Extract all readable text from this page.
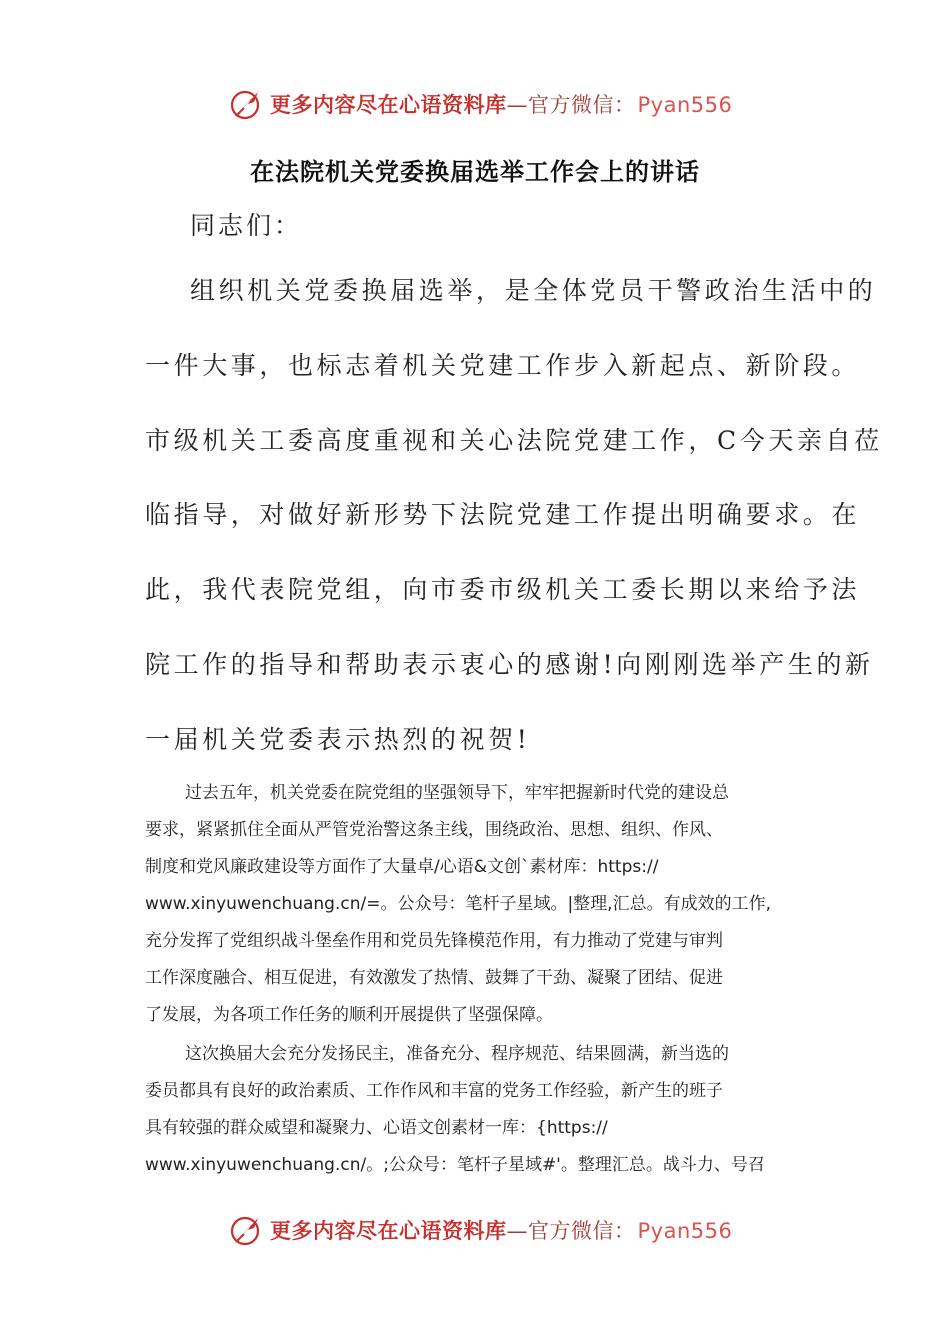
更多内容尽在心语资料库—官方微信：Pyan556
在法院机关党委换届选举工作会上的讲话
同志们：
组织机关党委换届选举，是全体党员干警政治生活中的
一件大事，也标志着机关党建工作步入新起点、新阶段。
市级机关工委高度重视和关心法院党建工作，C今天亲自莅
临指导，对做好新形势下法院党建工作提出明确要求。在
此，我代表院党组，向市委市级机关工委长期以来给予法
院工作的指导和帮助表示衷心的感谢!向刚刚选举产生的新
一届机关党委表示热烈的祝贺!
过去五年，机关党委在院党组的坚强领导下，牢牢把握新时代党的建设总
要求，紧紧抓住全面从严管党治警这条主线，围绕政治、思想、组织、作风、
制度和党风廉政建设等方面作了大量卓/心语&文创`素材库：https://
www.xinyuwenchuang.cn/=。公众号：笔杆子星域。|整理,汇总。有成效的工作,
充分发挥了党组织战斗堡垒作用和党员先锋模范作用，有力推动了党建与审判
工作深度融合、相互促进，有效激发了热情、鼓舞了干劲、凝聚了团结、促进
了发展，为各项工作任务的顺利开展提供了坚强保障。
这次换届大会充分发扬民主，准备充分、程序规范、结果圆满，新当选的
委员都具有良好的政治素质、工作作风和丰富的党务工作经验，新产生的班子
具有较强的群众威望和凝聚力、心语文创素材一库：{https://
www.xinyuwenchuang.cn/。;公众号：笔杆子星域#'。整理汇总。战斗力、号召
更多内容尽在心语资料库—官方微信：Pyan556
